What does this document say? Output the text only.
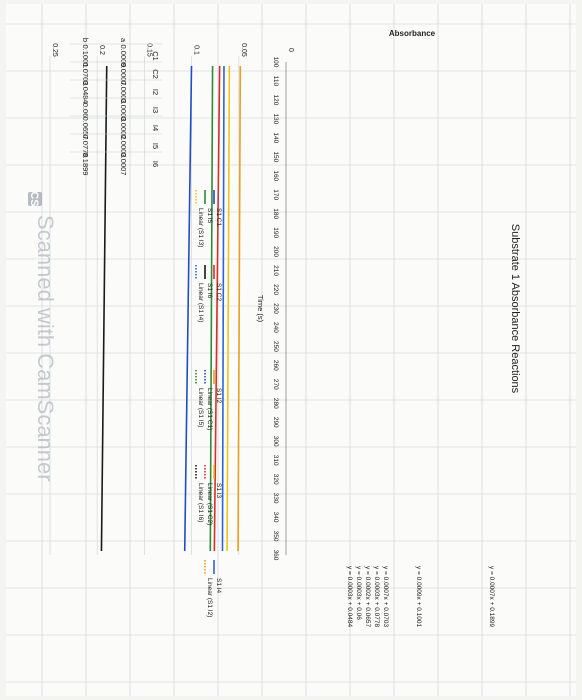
0
0.05
0.1
0.15
0.2
0.25
Absorbance
100
110
120
130
140
150
160
170
180
190
200
210
220
230
240
250
260
270
280
290
300
310
320
330
340
350
360
Time (s)	Substrate 1 Absorbance Reactions
y = 0.0007x + 0.1899
y = 0.0009x + 0.1001
y = 0.0007x + 0.0703
y = 0.0003x + 0.0778
y = 0.0002x + 0.0657
y = 0.0003x + 0.06
y = 0.0003x + 0.0484
S1 C1
S1 C2
S1 I2
S1 I3
S1 I4
S1 I5
S1 I6
Linear (S1 C1)
Linear (S1 C2)
Linear (S1 I2)
Linear (S1 I3)
Linear (S1 I4)
Linear (S1 I5)
Linear (S1 I6)
a
b
C1
0.0009
0.1001
C2
0.0007
0.0703
I2
0.0003
0.0484
I3
0.0003
0.06
I4
0.0002
0.0657
I5
0.0003
0.0778
I6
0.0007
0.1899
CS
Scanned with CamScanner
